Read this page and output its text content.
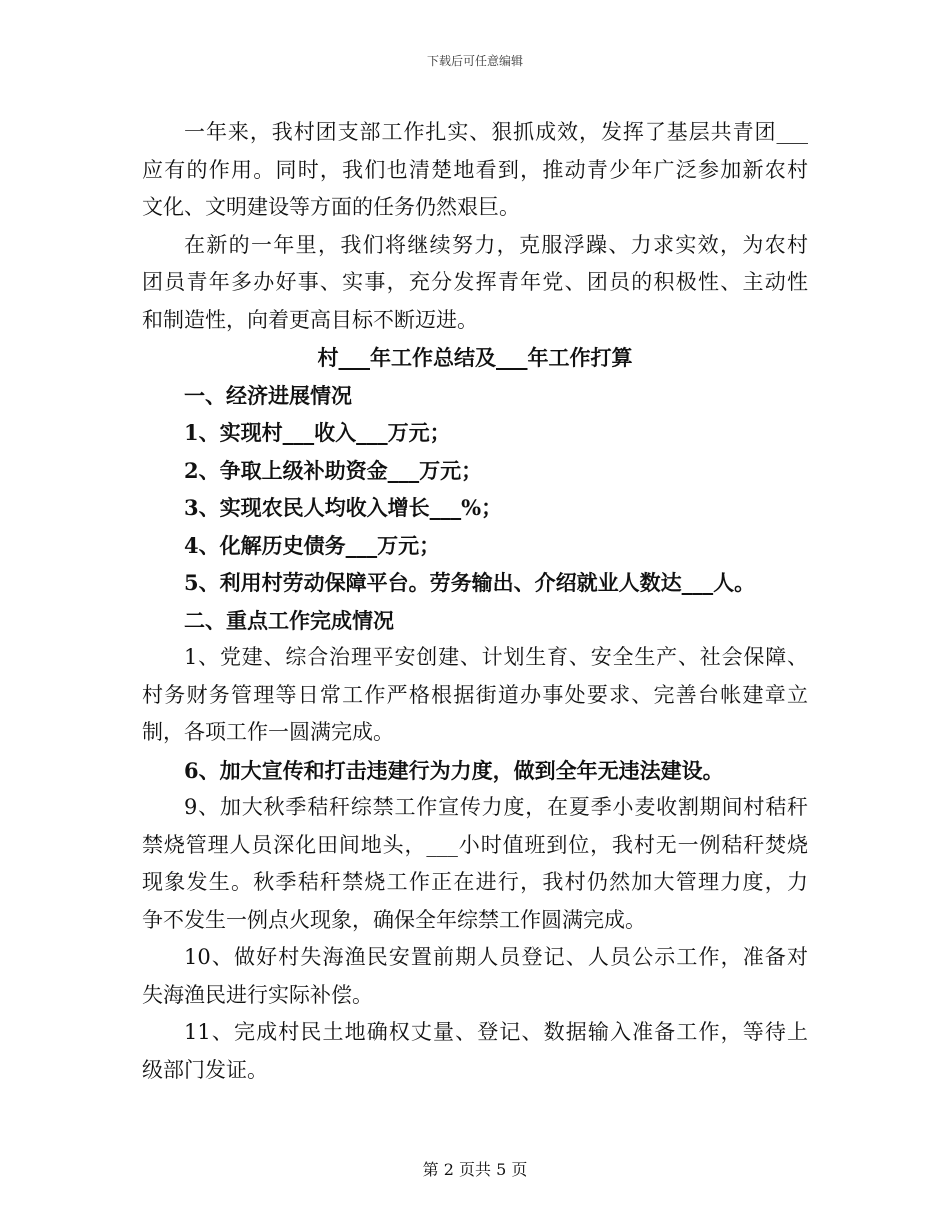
下载后可任意编辑
一年来，我村团支部工作扎实、狠抓成效，发挥了基层共青团___
应有的作用。同时，我们也清楚地看到，推动青少年广泛参加新农村
文化、文明建设等方面的任务仍然艰巨。
在新的一年里，我们将继续努力，克服浮躁、力求实效，为农村
团员青年多办好事、实事，充分发挥青年党、团员的积极性、主动性
和制造性，向着更高目标不断迈进。
村___年工作总结及___年工作打算
一、经济进展情况
1、实现村___收入___万元；
2、争取上级补助资金___万元；
3、实现农民人均收入增长___%；
4、化解历史债务___万元；
5、利用村劳动保障平台。劳务输出、介绍就业人数达___人。
二、重点工作完成情况
1、党建、综合治理平安创建、计划生育、安全生产、社会保障、
村务财务管理等日常工作严格根据街道办事处要求、完善台帐建章立
制，各项工作一圆满完成。
6、加大宣传和打击违建行为力度，做到全年无违法建设。
9、加大秋季秸秆综禁工作宣传力度，在夏季小麦收割期间村秸秆
禁烧管理人员深化田间地头，___小时值班到位，我村无一例秸秆焚烧
现象发生。秋季秸秆禁烧工作正在进行，我村仍然加大管理力度，力
争不发生一例点火现象，确保全年综禁工作圆满完成。
10、做好村失海渔民安置前期人员登记、人员公示工作，准备对
失海渔民进行实际补偿。
11、完成村民土地确权丈量、登记、数据输入准备工作，等待上
级部门发证。
第 2 页共 5 页
